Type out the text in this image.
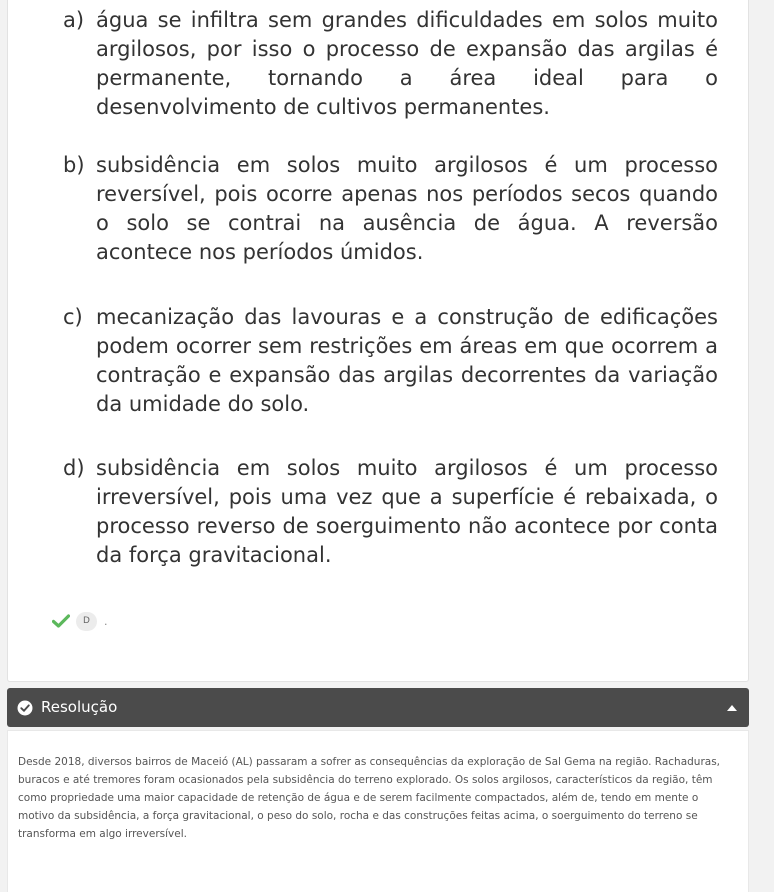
a) água se infiltra sem grandes dificuldades em solos muito argilosos, por isso o processo de expansão das argilas é permanente, tornando a área ideal para o desenvolvimento de cultivos permanentes.
b) subsidência em solos muito argilosos é um processo reversível, pois ocorre apenas nos períodos secos quando o solo se contrai na ausência de água. A reversão acontece nos períodos úmidos.
c) mecanização das lavouras e a construção de edificações podem ocorrer sem restrições em áreas em que ocorrem a contração e expansão das argilas decorrentes da variação da umidade do solo.
d) subsidência em solos muito argilosos é um processo irreversível, pois uma vez que a superfície é rebaixada, o processo reverso de soerguimento não acontece por conta da força gravitacional.
D	.
Resolução

Desde 2018, diversos bairros de Maceió (AL) passaram a sofrer as consequências da exploração de Sal Gema na região. Rachaduras, buracos e até tremores foram ocasionados pela subsidência do terreno explorado. Os solos argilosos, característicos da região, têm como propriedade uma maior capacidade de retenção de água e de serem facilmente compactados, além de, tendo em mente o motivo da subsidência, a força gravitacional, o peso do solo, rocha e das construções feitas acima, o soerguimento do terreno se transforma em algo irreversível.
